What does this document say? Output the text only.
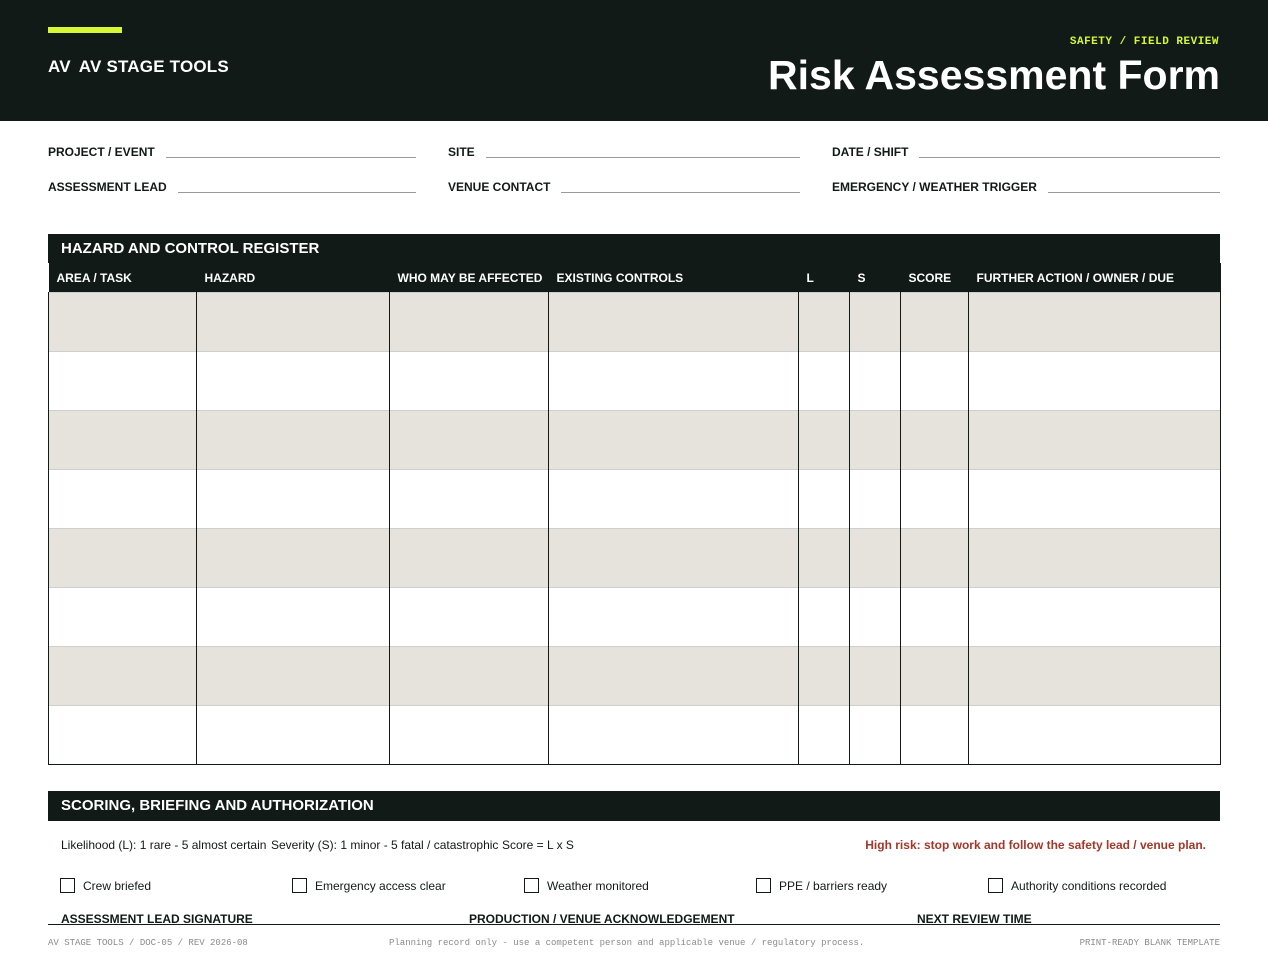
AV AV STAGE TOOLS
SAFETY / FIELD REVIEW
Risk Assessment Form
PROJECT / EVENT	SITE	DATE / SHIFT
ASSESSMENT LEAD	VENUE CONTACT	EMERGENCY / WEATHER TRIGGER
HAZARD AND CONTROL REGISTER
AREA / TASK	HAZARD	WHO MAY BE AFFECTED	EXISTING CONTROLS	L	S	SCORE	FURTHER ACTION / OWNER / DUE

SCORING, BRIEFING AND AUTHORIZATION
Likelihood (L): 1 rare - 5 almost certain Severity (S): 1 minor - 5 fatal / catastrophic Score = L x S	High risk: stop work and follow the safety lead / venue plan.
Crew briefed	Emergency access clear	Weather monitored	PPE / barriers ready	Authority conditions recorded
ASSESSMENT LEAD SIGNATURE	PRODUCTION / VENUE ACKNOWLEDGEMENT	NEXT REVIEW TIME
AV STAGE TOOLS / DOC-05 / REV 2026-08	Planning record only - use a competent person and applicable venue / regulatory process.	PRINT-READY BLANK TEMPLATE
